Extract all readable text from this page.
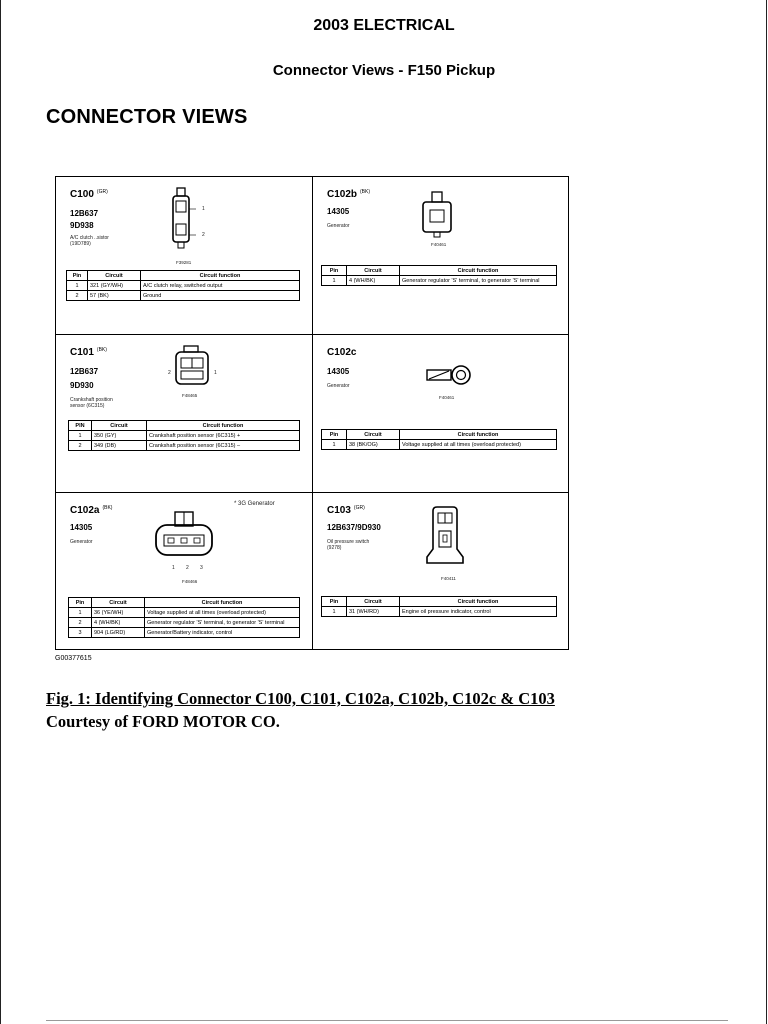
2003 ELECTRICAL
Connector Views - F150 Pickup
CONNECTOR VIEWS
C100 $^{(GR)}$
12B637
9D938
A/C clutch ..sistor
(19D789)
1
2
F39281
Pin	Circuit	Circuit function
1	321 (GY/WH)	A/C clutch relay, switched output
2	57 (BK)	Ground
C102b $^{(BK)}$
14305
Generator
F40461
Pin	Circuit	Circuit function
1	4 (WH/BK)	Generator regulator 'S' terminal, to generator 'S' terminal
C101 $^{(BK)}$
12B637
9D930
Crankshaft position
sensor (6C315)
2	1
F48465
PIN	Circuit	Circuit function
1	350 (GY)	Crankshaft position sensor (6C315) +
2	349 (DB)	Crankshaft position sensor (6C315) –
C102c
14305
Generator
F40461
Pin	Circuit	Circuit function
1	38 (BK/OG)	Voltage supplied at all times (overload protected)
C102a $^{(BK)}$
14305
Generator
* 3G Generator
1 2 3
F48466
Pin	Circuit	Circuit function
1	36 (YE/WH)	Voltage supplied at all times (overload protected)
2	4 (WH/BK)	Generator regulator 'S' terminal, to generator 'S' terminal
3	904 (LG/RD)	Generator/Battery indicator, control
C103 $^{(GR)}$
12B637/9D930
Oil pressure switch
(9278)
F40411
Pin	Circuit	Circuit function
1	31 (WH/RD)	Engine oil pressure indicator, control
G00377615
Fig. 1: Identifying Connector C100, C101, C102a, C102b, C102c & C103
Courtesy of FORD MOTOR CO.
